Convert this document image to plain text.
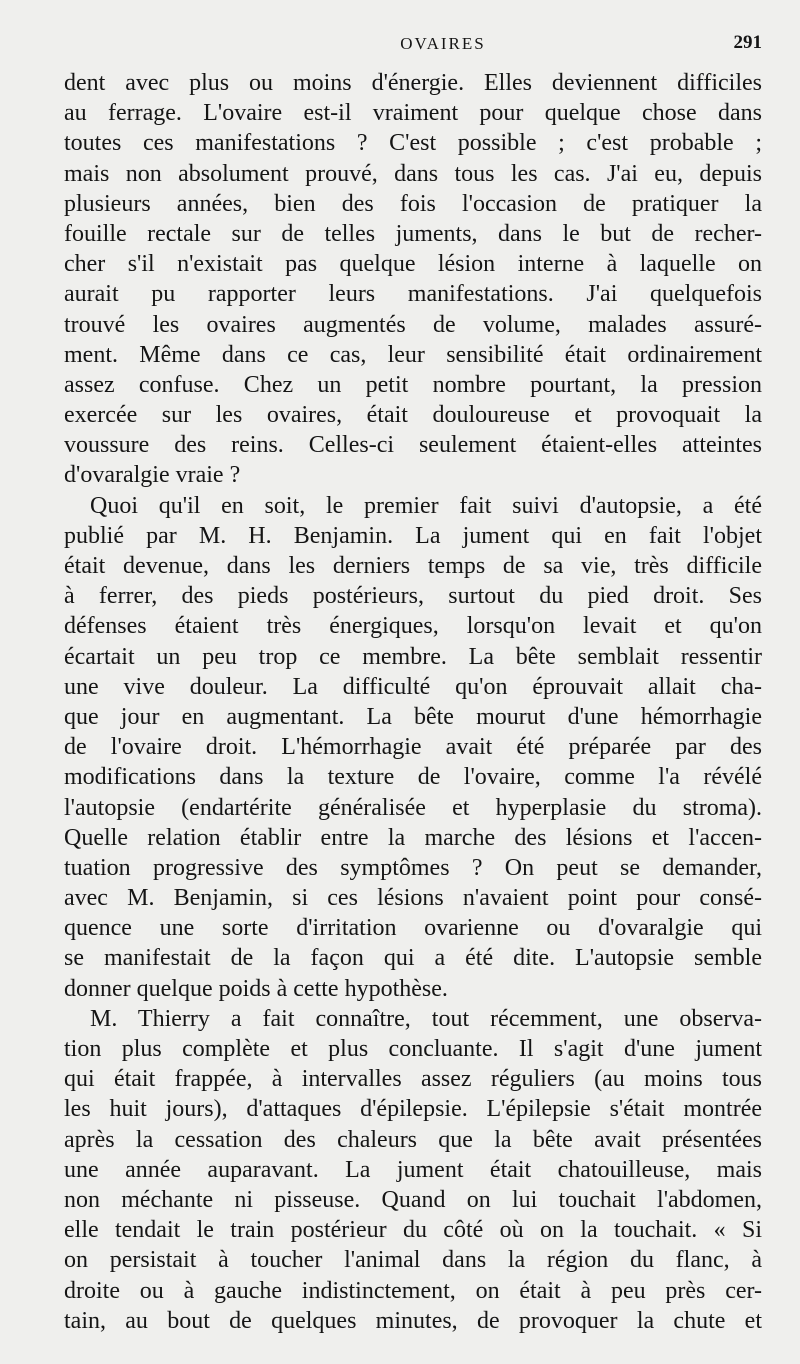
OVAIRES	291
dent avec plus ou moins d'énergie. Elles deviennent difficiles
au ferrage. L'ovaire est-il vraiment pour quelque chose dans
toutes ces manifestations ? C'est possible ; c'est probable ;
mais non absolument prouvé, dans tous les cas. J'ai eu, depuis
plusieurs années, bien des fois l'occasion de pratiquer la
fouille rectale sur de telles juments, dans le but de recher-
cher s'il n'existait pas quelque lésion interne à laquelle on
aurait pu rapporter leurs manifestations. J'ai quelquefois
trouvé les ovaires augmentés de volume, malades assuré-
ment. Même dans ce cas, leur sensibilité était ordinairement
assez confuse. Chez un petit nombre pourtant, la pression
exercée sur les ovaires, était douloureuse et provoquait la
voussure des reins. Celles-ci seulement étaient-elles atteintes
d'ovaralgie vraie ?
Quoi qu'il en soit, le premier fait suivi d'autopsie, a été
publié par M. H. Benjamin. La jument qui en fait l'objet
était devenue, dans les derniers temps de sa vie, très difficile
à ferrer, des pieds postérieurs, surtout du pied droit. Ses
défenses étaient très énergiques, lorsqu'on levait et qu'on
écartait un peu trop ce membre. La bête semblait ressentir
une vive douleur. La difficulté qu'on éprouvait allait cha-
que jour en augmentant. La bête mourut d'une hémorrhagie
de l'ovaire droit. L'hémorrhagie avait été préparée par des
modifications dans la texture de l'ovaire, comme l'a révélé
l'autopsie (endartérite généralisée et hyperplasie du stroma).
Quelle relation établir entre la marche des lésions et l'accen-
tuation progressive des symptômes ? On peut se demander,
avec M. Benjamin, si ces lésions n'avaient point pour consé-
quence une sorte d'irritation ovarienne ou d'ovaralgie qui
se manifestait de la façon qui a été dite. L'autopsie semble
donner quelque poids à cette hypothèse.
M. Thierry a fait connaître, tout récemment, une observa-
tion plus complète et plus concluante. Il s'agit d'une jument
qui était frappée, à intervalles assez réguliers (au moins tous
les huit jours), d'attaques d'épilepsie. L'épilepsie s'était montrée
après la cessation des chaleurs que la bête avait présentées
une année auparavant. La jument était chatouilleuse, mais
non méchante ni pisseuse. Quand on lui touchait l'abdomen,
elle tendait le train postérieur du côté où on la touchait. « Si
on persistait à toucher l'animal dans la région du flanc, à
droite ou à gauche indistinctement, on était à peu près cer-
tain, au bout de quelques minutes, de provoquer la chute et
